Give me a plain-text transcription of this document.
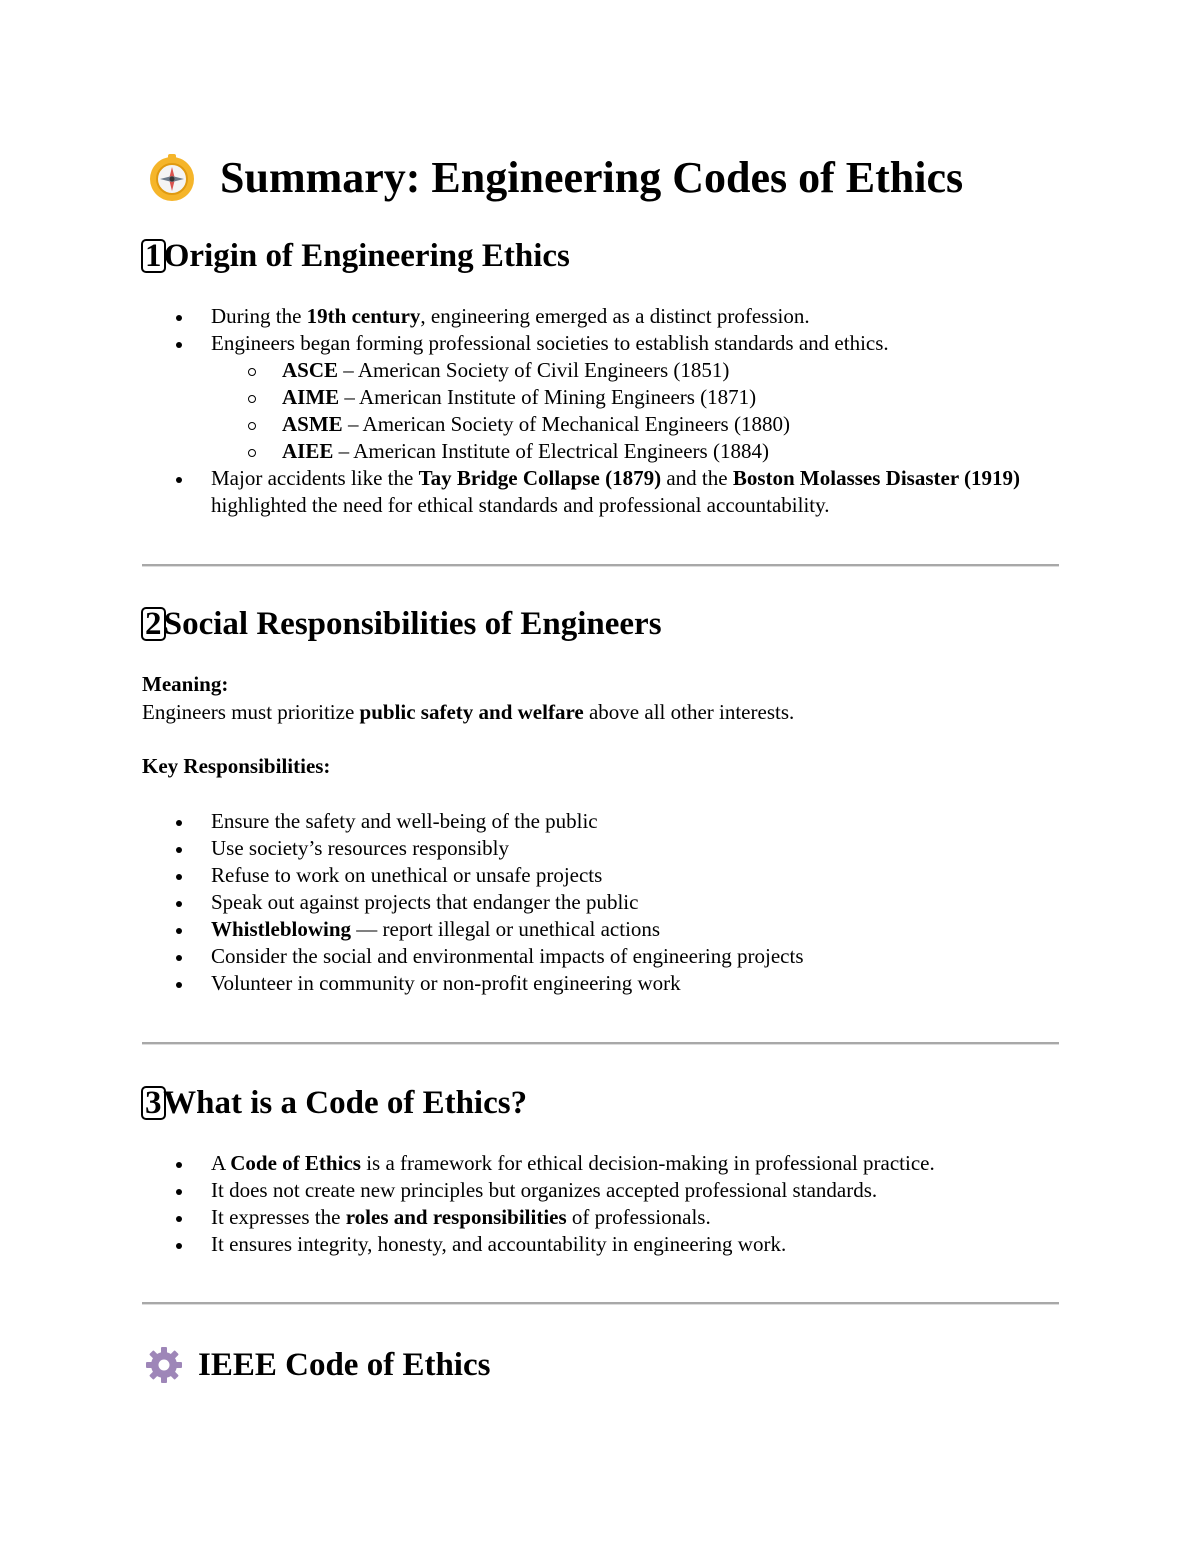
Summary: Engineering Codes of Ethics
1 Origin of Engineering Ethics
During the 19th century, engineering emerged as a distinct profession.
Engineers began forming professional societies to establish standards and ethics.
ASCE – American Society of Civil Engineers (1851)
AIME – American Institute of Mining Engineers (1871)
ASME – American Society of Mechanical Engineers (1880)
AIEE – American Institute of Electrical Engineers (1884)
Major accidents like the Tay Bridge Collapse (1879) and the Boston Molasses Disaster (1919) highlighted the need for ethical standards and professional accountability.
2 Social Responsibilities of Engineers

Meaning:

Engineers must prioritize public safety and welfare above all other interests.

Key Responsibilities:

Ensure the safety and well-being of the public
Use society’s resources responsibly
Refuse to work on unethical or unsafe projects
Speak out against projects that endanger the public
Whistleblowing — report illegal or unethical actions
Consider the social and environmental impacts of engineering projects
Volunteer in community or non-profit engineering work
3 What is a Code of Ethics?
A Code of Ethics is a framework for ethical decision-making in professional practice.
It does not create new principles but organizes accepted professional standards.
It expresses the roles and responsibilities of professionals.
It ensures integrity, honesty, and accountability in engineering work.
IEEE Code of Ethics
